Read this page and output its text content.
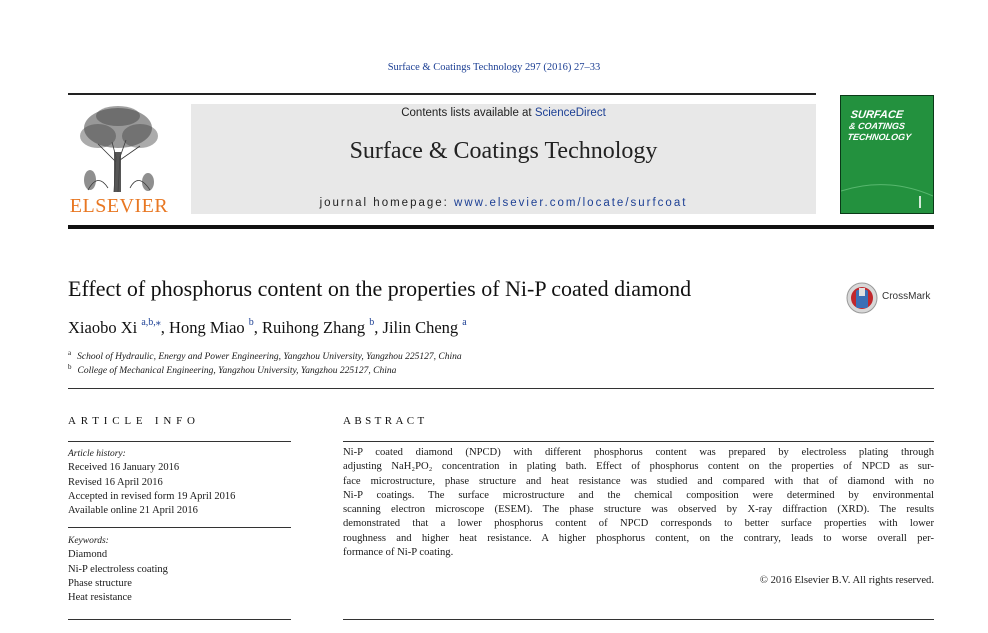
Surface & Coatings Technology 297 (2016) 27–33
ELSEVIER
Contents lists available at ScienceDirect
Surface & Coatings Technology
journal homepage: www.elsevier.com/locate/surfcoat
SURFACE
& COATINGS
TECHNOLOGY
Effect of phosphorus content on the properties of Ni-P coated diamond	CrossMark
Xiaobo Xi $^{a,b,⁎}$, Hong Miao $^b$, Ruihong Zhang $^b$, Jilin Cheng $^a$
$^a$ School of Hydraulic, Energy and Power Engineering, Yangzhou University, Yangzhou 225127, China
$^b$ College of Mechanical Engineering, Yangzhou University, Yangzhou 225127, China
ARTICLE INFO
Article history:
Received 16 January 2016
Revised 16 April 2016
Accepted in revised form 19 April 2016
Available online 21 April 2016
Keywords:
Diamond
Ni-P electroless coating
Phase structure
Heat resistance
ABSTRACT
Ni-P coated diamond (NPCD) with different phosphorus content was prepared by electroless plating through
adjusting NaH₂PO₂ concentration in plating bath. Effect of phosphorus content on the properties of NPCD as sur-
face microstructure, phase structure and heat resistance was studied and compared with that of diamond with no
Ni-P coatings. The surface microstructure and the chemical composition were determined by environmental
scanning electron microscope (ESEM). The phase structure was observed by X-ray diffraction (XRD). The results
demonstrated that a lower phosphorus content of NPCD corresponds to better surface properties with lower
roughness and higher heat resistance. A higher phosphorus content, on the contrary, leads to worse overall per-
formance of Ni-P coating.
© 2016 Elsevier B.V. All rights reserved.
